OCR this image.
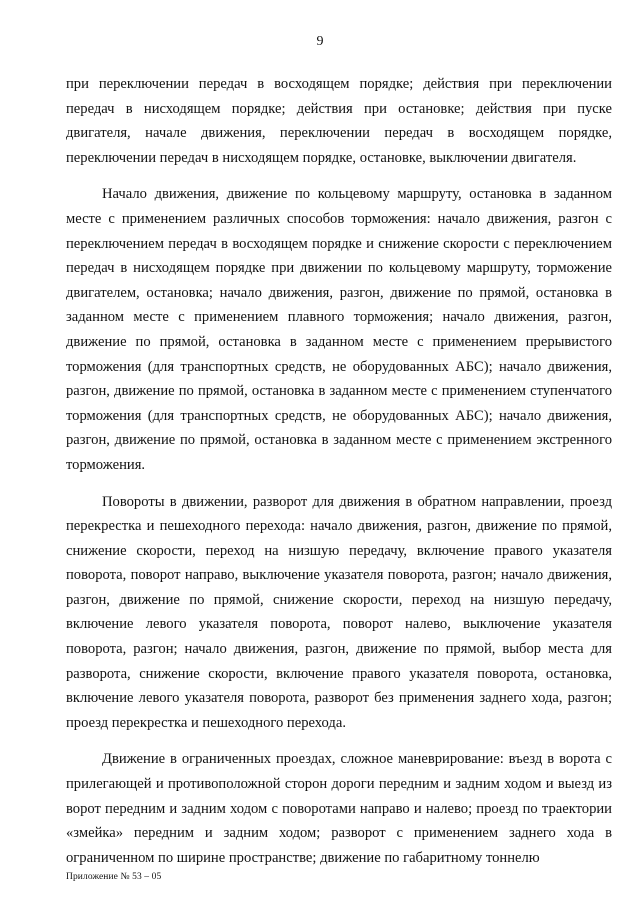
9

при переключении передач в восходящем порядке; действия при переключении передач в нисходящем порядке; действия при остановке; действия при пуске двигателя, начале движения, переключении передач в восходящем порядке, переключении передач в нисходящем порядке, остановке, выключении двигателя.

Начало движения, движение по кольцевому маршруту, остановка в заданном месте с применением различных способов торможения: начало движения, разгон с переключением передач в восходящем порядке и снижение скорости с переключением передач в нисходящем порядке при движении по кольцевому маршруту, торможение двигателем, остановка; начало движения, разгон, движение по прямой, остановка в заданном месте с применением плавного торможения; начало движения, разгон, движение по прямой, остановка в заданном месте с применением прерывистого торможения (для транспортных средств, не оборудованных АБС); начало движения, разгон, движение по прямой, остановка в заданном месте с применением ступенчатого торможения (для транспортных средств, не оборудованных АБС); начало движения, разгон, движение по прямой, остановка в заданном месте с применением экстренного торможения.

Повороты в движении, разворот для движения в обратном направлении, проезд перекрестка и пешеходного перехода: начало движения, разгон, движение по прямой, снижение скорости, переход на низшую передачу, включение правого указателя поворота, поворот направо, выключение указателя поворота, разгон; начало движения, разгон, движение по прямой, снижение скорости, переход на низшую передачу, включение левого указателя поворота, поворот налево, выключение указателя поворота, разгон; начало движения, разгон, движение по прямой, выбор места для разворота, снижение скорости, включение правого указателя поворота, остановка, включение левого указателя поворота, разворот без применения заднего хода, разгон; проезд перекрестка и пешеходного перехода.

Движение в ограниченных проездах, сложное маневрирование: въезд в ворота с прилегающей и противоположной сторон дороги передним и задним ходом и выезд из ворот передним и задним ходом с поворотами направо и налево; проезд по траектории «змейка» передним и задним ходом; разворот с применением заднего хода в ограниченном по ширине пространстве; движение по габаритному тоннелю

Приложение № 53 – 05
